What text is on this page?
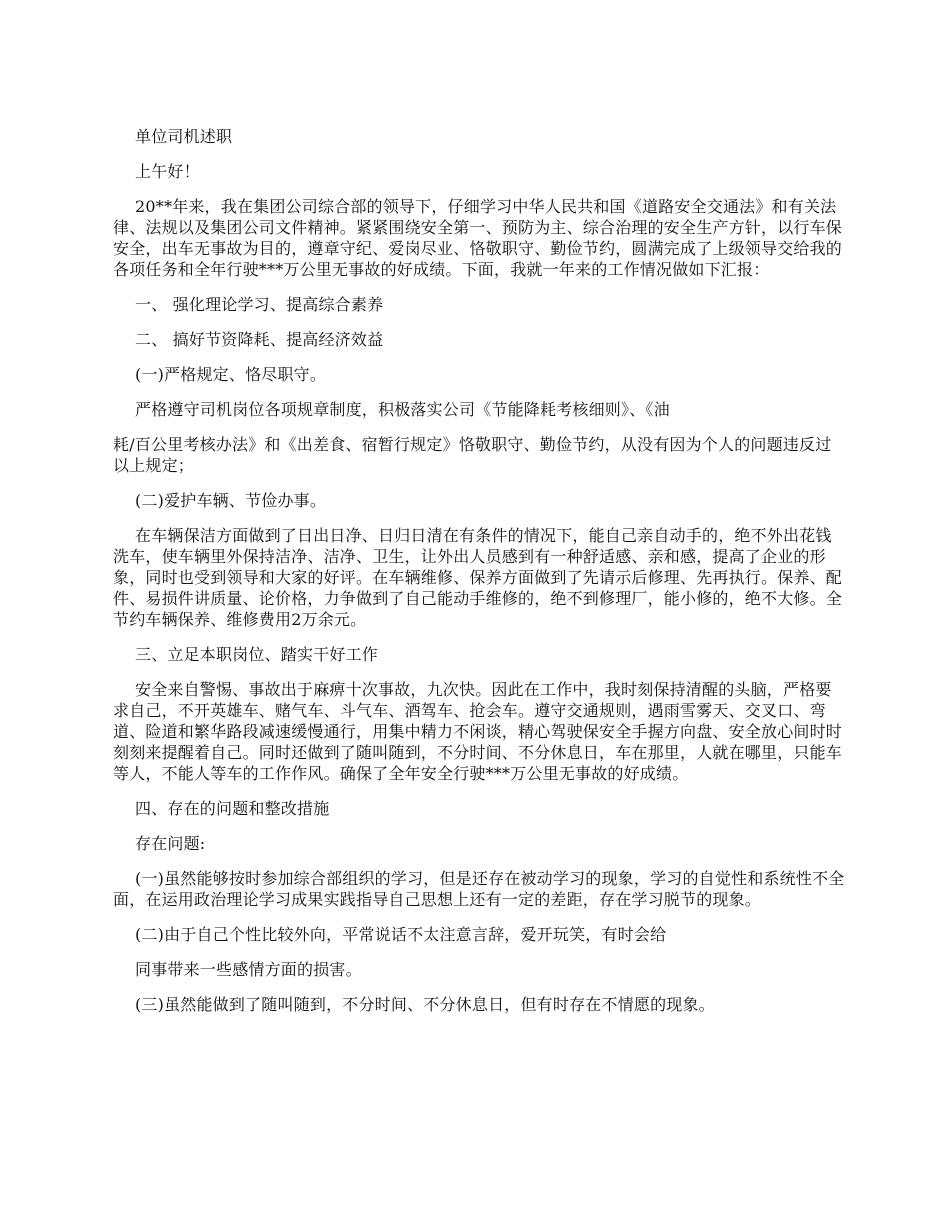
单位司机述职

上午好！

20**年来，我在集团公司综合部的领导下，仔细学习中华人民共和国《道路安全交通法》和有关法律、法规以及集团公司文件精神。紧紧围绕安全第一、预防为主、综合治理的安全生产方针，以行车保安全，出车无事故为目的，遵章守纪、爱岗尽业、恪敬职守、勤俭节约，圆满完成了上级领导交给我的各项任务和全年行驶***万公里无事故的好成绩。下面，我就一年来的工作情况做如下汇报：

一、 强化理论学习、提高综合素养

二、 搞好节资降耗、提高经济效益

(一)严格规定、恪尽职守。

严格遵守司机岗位各项规章制度，积极落实公司《节能降耗考核细则》、《油

耗/百公里考核办法》和《出差食、宿暂行规定》恪敬职守、勤俭节约，从没有因为个人的问题违反过以上规定；

(二)爱护车辆、节俭办事。

在车辆保洁方面做到了日出日净、日归日清在有条件的情况下，能自己亲自动手的，绝不外出花钱洗车，使车辆里外保持洁净、洁净、卫生，让外出人员感到有一种舒适感、亲和感，提高了企业的形象，同时也受到领导和大家的好评。在车辆维修、保养方面做到了先请示后修理、先再执行。保养、配件、易损件讲质量、论价格，力争做到了自己能动手维修的，绝不到修理厂，能小修的，绝不大修。全节约车辆保养、维修费用2万余元。

三、立足本职岗位、踏实干好工作

安全来自警惕、事故出于麻痹十次事故，九次快。因此在工作中，我时刻保持清醒的头脑，严格要求自己，不开英雄车、赌气车、斗气车、酒驾车、抢会车。遵守交通规则，遇雨雪雾天、交叉口、弯道、险道和繁华路段减速缓慢通行，用集中精力不闲谈，精心驾驶保安全手握方向盘、安全放心间时时刻刻来提醒着自己。同时还做到了随叫随到，不分时间、不分休息日，车在那里，人就在哪里，只能车等人，不能人等车的工作作风。确保了全年安全行驶***万公里无事故的好成绩。

四、存在的问题和整改措施

存在问题:

(一)虽然能够按时参加综合部组织的学习，但是还存在被动学习的现象，学习的自觉性和系统性不全面，在运用政治理论学习成果实践指导自己思想上还有一定的差距，存在学习脱节的现象。

(二)由于自己个性比较外向，平常说话不太注意言辞，爱开玩笑，有时会给

同事带来一些感情方面的损害。

(三)虽然能做到了随叫随到，不分时间、不分休息日，但有时存在不情愿的现象。
